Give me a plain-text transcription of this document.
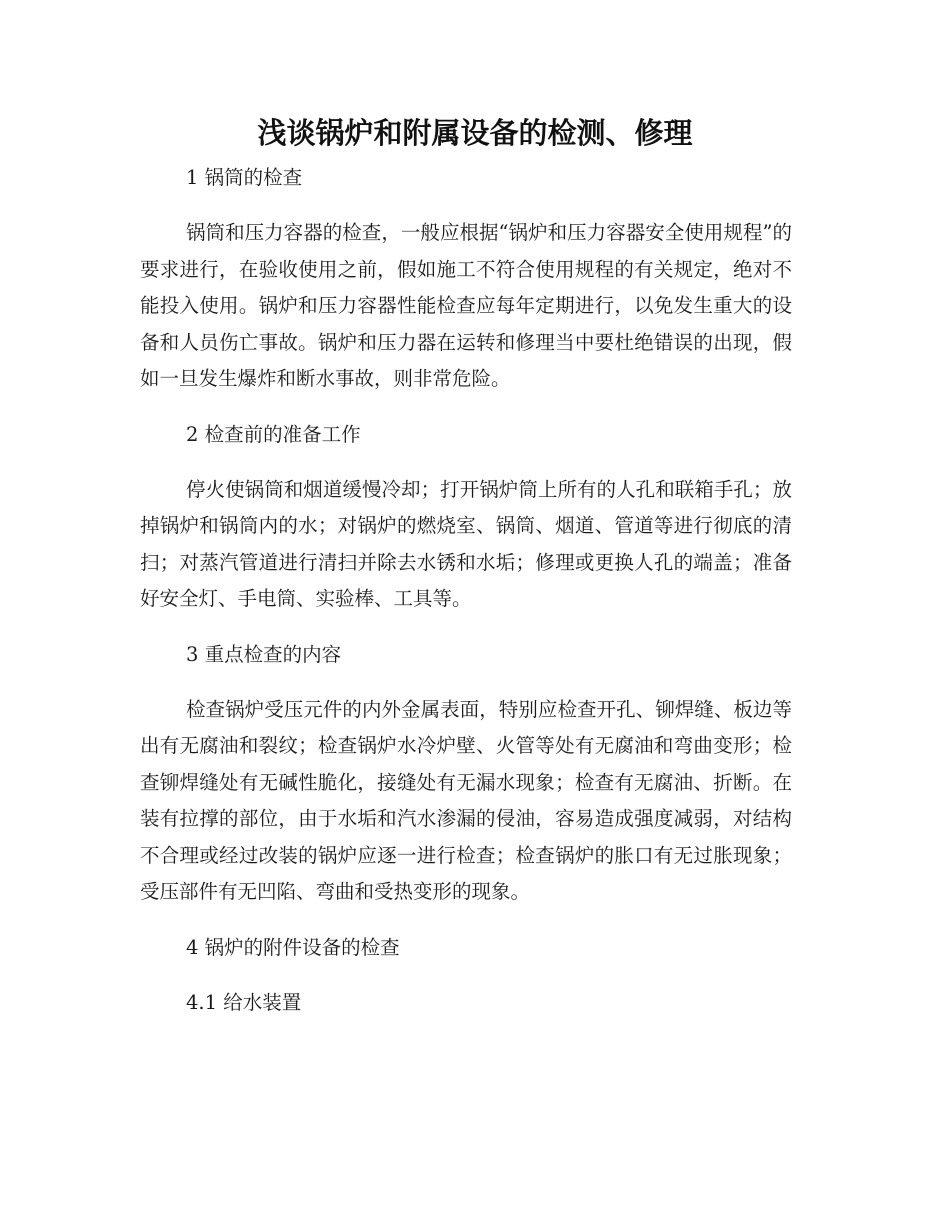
浅谈锅炉和附属设备的检测、修理

1 锅筒的检查

锅筒和压力容器的检查，一般应根据“锅炉和压力容器安全使用规程”的要求进行，在验收使用之前，假如施工不符合使用规程的有关规定，绝对不能投入使用。锅炉和压力容器性能检查应每年定期进行，以免发生重大的设备和人员伤亡事故。锅炉和压力器在运转和修理当中要杜绝错误的出现，假如一旦发生爆炸和断水事故，则非常危险。

2 检查前的准备工作

停火使锅筒和烟道缓慢冷却；打开锅炉筒上所有的人孔和联箱手孔；放掉锅炉和锅筒内的水；对锅炉的燃烧室、锅筒、烟道、管道等进行彻底的清扫；对蒸汽管道进行清扫并除去水锈和水垢；修理或更换人孔的端盖；准备好安全灯、手电筒、实验棒、工具等。

3 重点检查的内容

检查锅炉受压元件的内外金属表面，特别应检查开孔、铆焊缝、板边等出有无腐油和裂纹；检查锅炉水冷炉壁、火管等处有无腐油和弯曲变形；检查铆焊缝处有无碱性脆化，接缝处有无漏水现象；检查有无腐油、折断。在装有拉撑的部位，由于水垢和汽水渗漏的侵油，容易造成强度减弱，对结构不合理或经过改装的锅炉应逐一进行检查；检查锅炉的胀口有无过胀现象；受压部件有无凹陷、弯曲和受热变形的现象。

4 锅炉的附件设备的检查

4.1 给水装置
